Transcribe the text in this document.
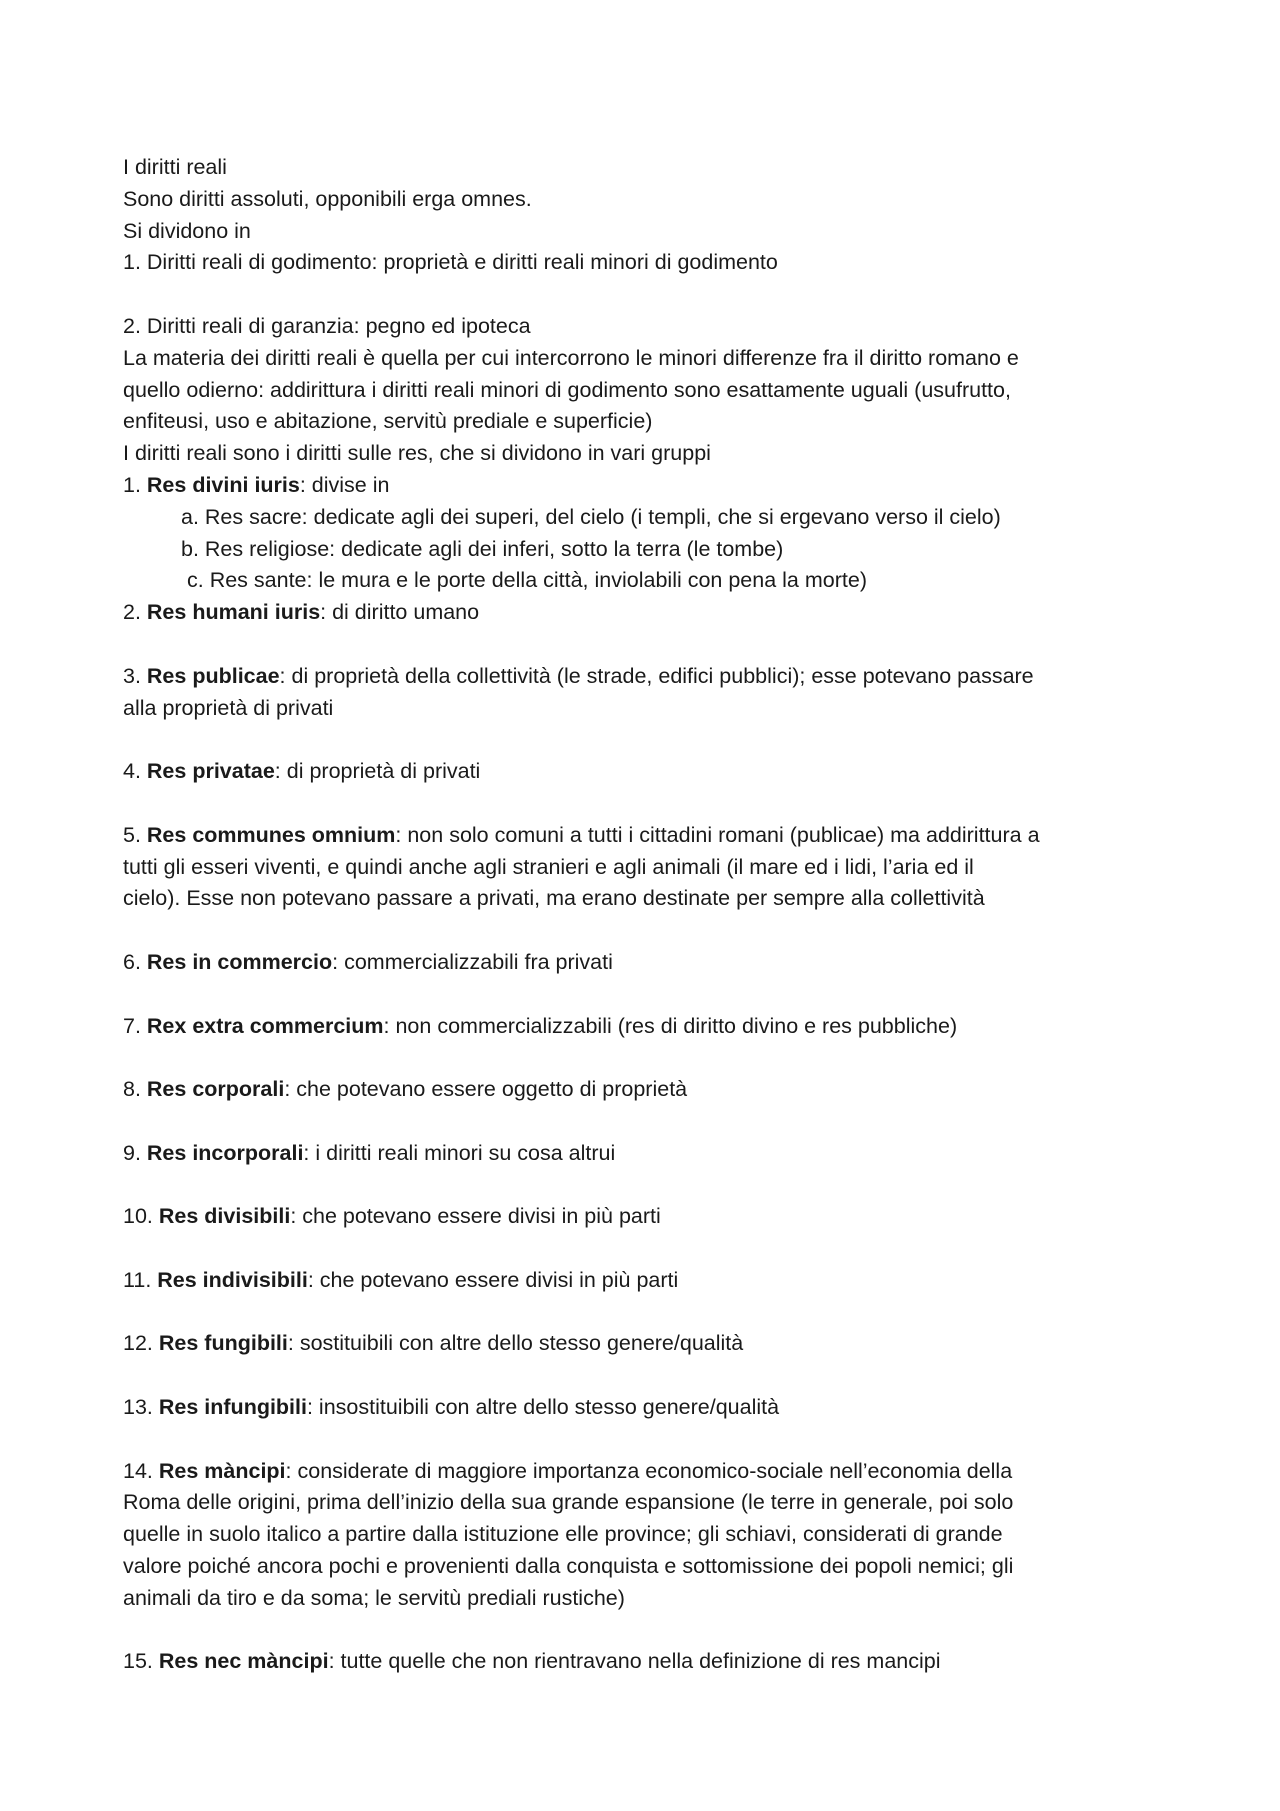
I diritti reali
Sono diritti assoluti, opponibili erga omnes.
Si dividono in
1. Diritti reali di godimento: proprietà e diritti reali minori di godimento
2. Diritti reali di garanzia: pegno ed ipoteca
La materia dei diritti reali è quella per cui intercorrono le minori differenze fra il diritto romano e
quello odierno: addirittura i diritti reali minori di godimento sono esattamente uguali (usufrutto,
enfiteusi, uso e abitazione, servitù prediale e superficie)
I diritti reali sono i diritti sulle res, che si dividono in vari gruppi
1. Res divini iuris: divise in
a. Res sacre: dedicate agli dei superi, del cielo (i templi, che si ergevano verso il cielo)
b. Res religiose: dedicate agli dei inferi, sotto la terra (le tombe)
c. Res sante: le mura e le porte della città, inviolabili con pena la morte)
2. Res humani iuris: di diritto umano
3. Res publicae: di proprietà della collettività (le strade, edifici pubblici); esse potevano passare
alla proprietà di privati
4. Res privatae: di proprietà di privati
5. Res communes omnium: non solo comuni a tutti i cittadini romani (publicae) ma addirittura a
tutti gli esseri viventi, e quindi anche agli stranieri e agli animali (il mare ed i lidi, l’aria ed il
cielo). Esse non potevano passare a privati, ma erano destinate per sempre alla collettività
6. Res in commercio: commercializzabili fra privati
7. Rex extra commercium: non commercializzabili (res di diritto divino e res pubbliche)
8. Res corporali: che potevano essere oggetto di proprietà
9. Res incorporali: i diritti reali minori su cosa altrui
10. Res divisibili: che potevano essere divisi in più parti
11. Res indivisibili: che potevano essere divisi in più parti
12. Res fungibili: sostituibili con altre dello stesso genere/qualità
13. Res infungibili: insostituibili con altre dello stesso genere/qualità
14. Res màncipi: considerate di maggiore importanza economico-sociale nell’economia della
Roma delle origini, prima dell’inizio della sua grande espansione (le terre in generale, poi solo
quelle in suolo italico a partire dalla istituzione elle province; gli schiavi, considerati di grande
valore poiché ancora pochi e provenienti dalla conquista e sottomissione dei popoli nemici; gli
animali da tiro e da soma; le servitù prediali rustiche)
15. Res nec màncipi: tutte quelle che non rientravano nella definizione di res mancipi
